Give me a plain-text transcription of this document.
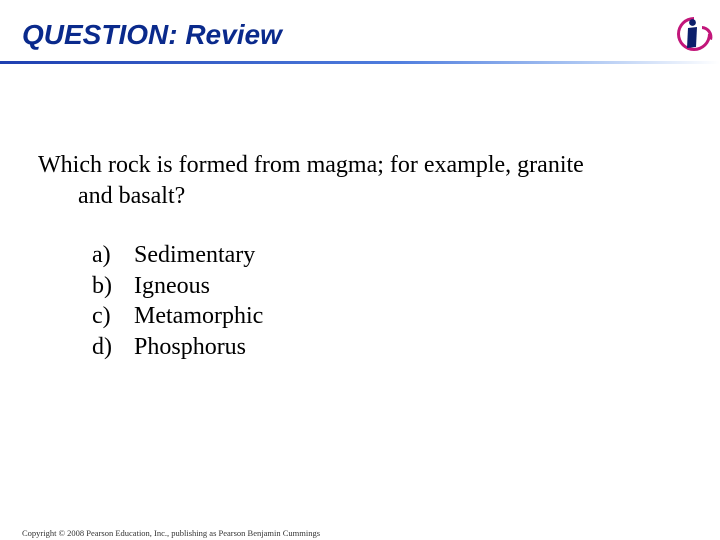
QUESTION: Review
Which rock is formed from magma; for example, granite
and basalt?
a) Sedimentary
b) Igneous
c) Metamorphic
d) Phosphorus
Copyright © 2008 Pearson Education, Inc., publishing as Pearson Benjamin Cummings
